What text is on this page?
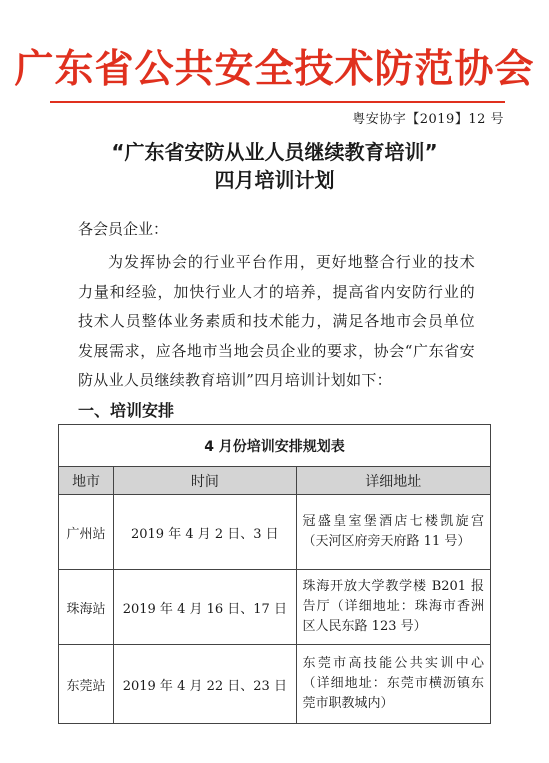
广东省公共安全技术防范协会
粤安协字【2019】12 号
“广东省安防从业人员继续教育培训”
四月培训计划
各会员企业：

为发挥协会的行业平台作用，更好地整合行业的技术力量和经验，加快行业人才的培养，提高省内安防行业的技术人员整体业务素质和技术能力，满足各地市会员单位发展需求，应各地市当地会员企业的要求，协会“广东省安防从业人员继续教育培训”四月培训计划如下：

一、培训安排
4 月份培训安排规划表		
地市	时间	详细地址
广州站	2019 年 4 月 2 日、3 日	冠盛皇室堡酒店七楼凯旋宫（天河区府旁天府路 11 号）
珠海站	2019 年 4 月 16 日、17 日	珠海开放大学教学楼 B201 报告厅（详细地址：珠海市香洲区人民东路 123 号）
东莞站	2019 年 4 月 22 日、23 日	东莞市高技能公共实训中心（详细地址：东莞市横沥镇东莞市职教城内）
